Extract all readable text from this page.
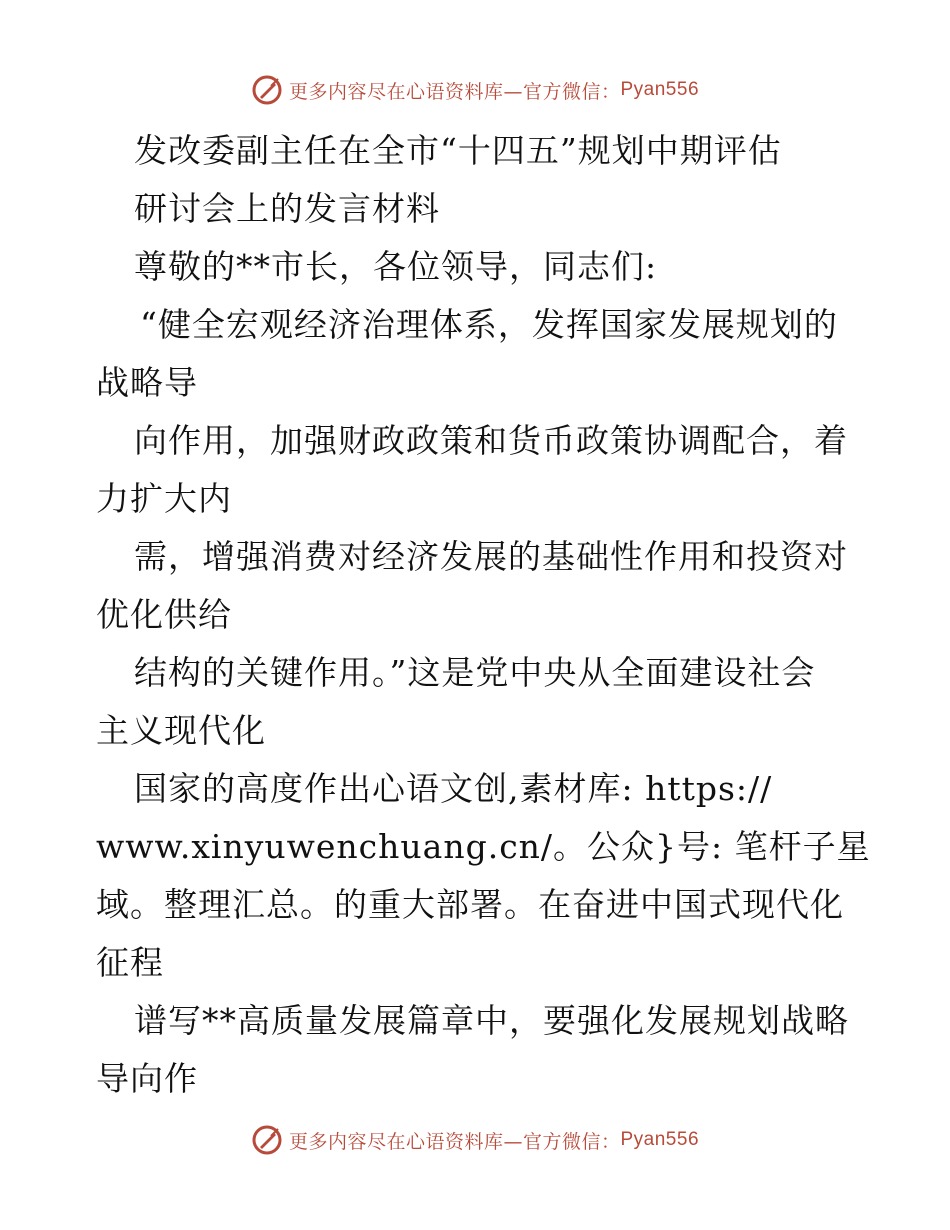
更多内容尽在心语资料库—官方微信： Pyan556
发改委副主任在全市“十四五”规划中期评估
研讨会上的发言材料
尊敬的**市长，各位领导，同志们:
“健全宏观经济治理体系，发挥国家发展规划的
战略导
向作用，加强财政政策和货币政策协调配合，着
力扩大内
需，增强消费对经济发展的基础性作用和投资对
优化供给
结构的关键作用。”这是党中央从全面建设社会
主义现代化
国家的高度作出心语文创,素材库: https://
www.xinyuwenchuang.cn/。公众}号: 笔杆子星
域。整理汇总。的重大部署。在奋进中国式现代化
征程
谱写**高质量发展篇章中，要强化发展规划战略
导向作
更多内容尽在心语资料库—官方微信： Pyan556
